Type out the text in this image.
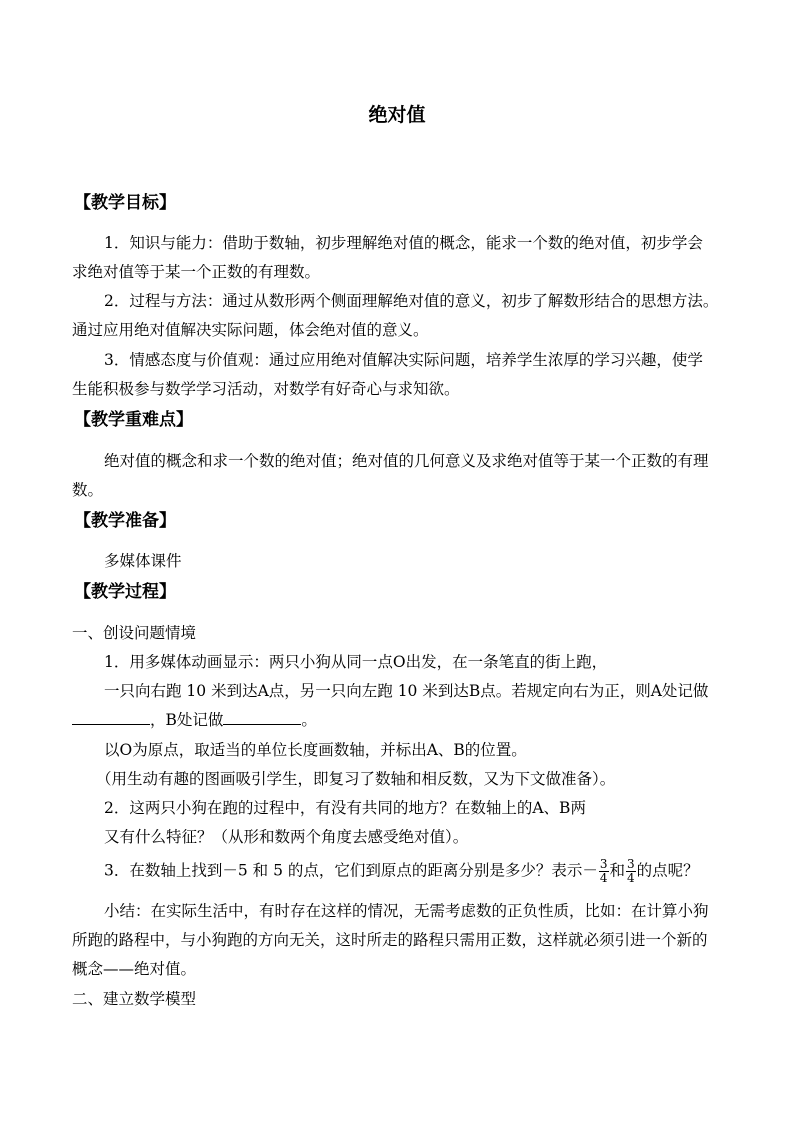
绝对值
【教学目标】
1．知识与能力：借助于数轴，初步理解绝对值的概念，能求一个数的绝对值，初步学会
求绝对值等于某一个正数的有理数。
2．过程与方法：通过从数形两个侧面理解绝对值的意义，初步了解数形结合的思想方法。
通过应用绝对值解决实际问题，体会绝对值的意义。
3．情感态度与价值观：通过应用绝对值解决实际问题，培养学生浓厚的学习兴趣，使学
生能积极参与数学学习活动，对数学有好奇心与求知欲。
【教学重难点】
绝对值的概念和求一个数的绝对值；绝对值的几何意义及求绝对值等于某一个正数的有理
数。
【教学准备】
多媒体课件
【教学过程】
一、创设问题情境
1．用多媒体动画显示：两只小狗从同一点O出发，在一条笔直的街上跑，
一只向右跑 10 米到达A点，另一只向左跑 10 米到达B点。若规定向右为正，则A处记做
，B处记做	。
以O为原点，取适当的单位长度画数轴，并标出A、B的位置。
（用生动有趣的图画吸引学生，即复习了数轴和相反数，又为下文做准备）。
2．这两只小狗在跑的过程中，有没有共同的地方？在数轴上的A、B两
又有什么特征？（从形和数两个角度去感受绝对值）。
3．在数轴上找到－5 和 5 的点，它们到原点的距离分别是多少？表示－ $\frac{3}{4}$ 和 $\frac{3}{4}$ 的点呢？
小结：在实际生活中，有时存在这样的情况，无需考虑数的正负性质，比如：在计算小狗
所跑的路程中，与小狗跑的方向无关，这时所走的路程只需用正数，这样就必须引进一个新的
概念——绝对值。
二、建立数学模型
